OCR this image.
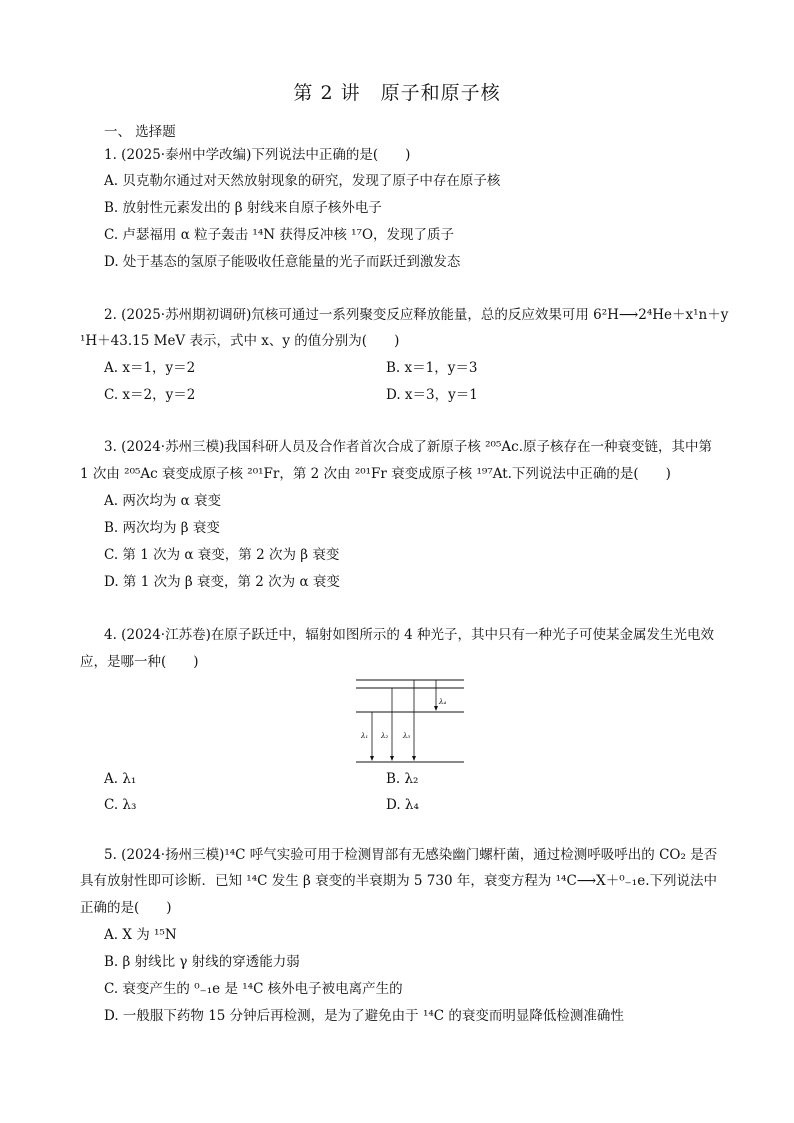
第 2 讲　原子和原子核
一、 选择题
1. (2025·泰州中学改编)下列说法中正确的是(　　)
A. 贝克勒尔通过对天然放射现象的研究，发现了原子中存在原子核
B. 放射性元素发出的 β 射线来自原子核外电子
C. 卢瑟福用 α 粒子轰击 ¹⁴N 获得反冲核 ¹⁷O，发现了质子
D. 处于基态的氢原子能吸收任意能量的光子而跃迁到激发态
2. (2025·苏州期初调研)氘核可通过一系列聚变反应释放能量，总的反应效果可用 6²H⟶2⁴He＋x¹n＋y
¹H＋43.15 MeV 表示，式中 x、y 的值分别为(　　)
A. x＝1，y＝2	B. x＝1，y＝3
C. x＝2，y＝2	D. x＝3，y＝1
3. (2024·苏州三模)我国科研人员及合作者首次合成了新原子核 ²⁰⁵Ac.原子核存在一种衰变链，其中第
1 次由 ²⁰⁵Ac 衰变成原子核 ²⁰¹Fr，第 2 次由 ²⁰¹Fr 衰变成原子核 ¹⁹⁷At.下列说法中正确的是(　　)
A. 两次均为 α 衰变
B. 两次均为 β 衰变
C. 第 1 次为 α 衰变，第 2 次为 β 衰变
D. 第 1 次为 β 衰变，第 2 次为 α 衰变
4. (2024·江苏卷)在原子跃迁中，辐射如图所示的 4 种光子，其中只有一种光子可使某金属发生光电效
应，是哪一种(　　)
λ₁ λ₂ λ₃
λ₄
A. λ₁	B. λ₂
C. λ₃	D. λ₄
5. (2024·扬州三模)¹⁴C 呼气实验可用于检测胃部有无感染幽门螺杆菌，通过检测呼吸呼出的 CO₂ 是否
具有放射性即可诊断．已知 ¹⁴C 发生 β 衰变的半衰期为 5 730 年，衰变方程为 ¹⁴C⟶X＋⁰₋₁e.下列说法中
正确的是(　　)
A. X 为 ¹⁵N
B. β 射线比 γ 射线的穿透能力弱
C. 衰变产生的 ⁰₋₁e 是 ¹⁴C 核外电子被电离产生的
D. 一般服下药物 15 分钟后再检测，是为了避免由于 ¹⁴C 的衰变而明显降低检测准确性
